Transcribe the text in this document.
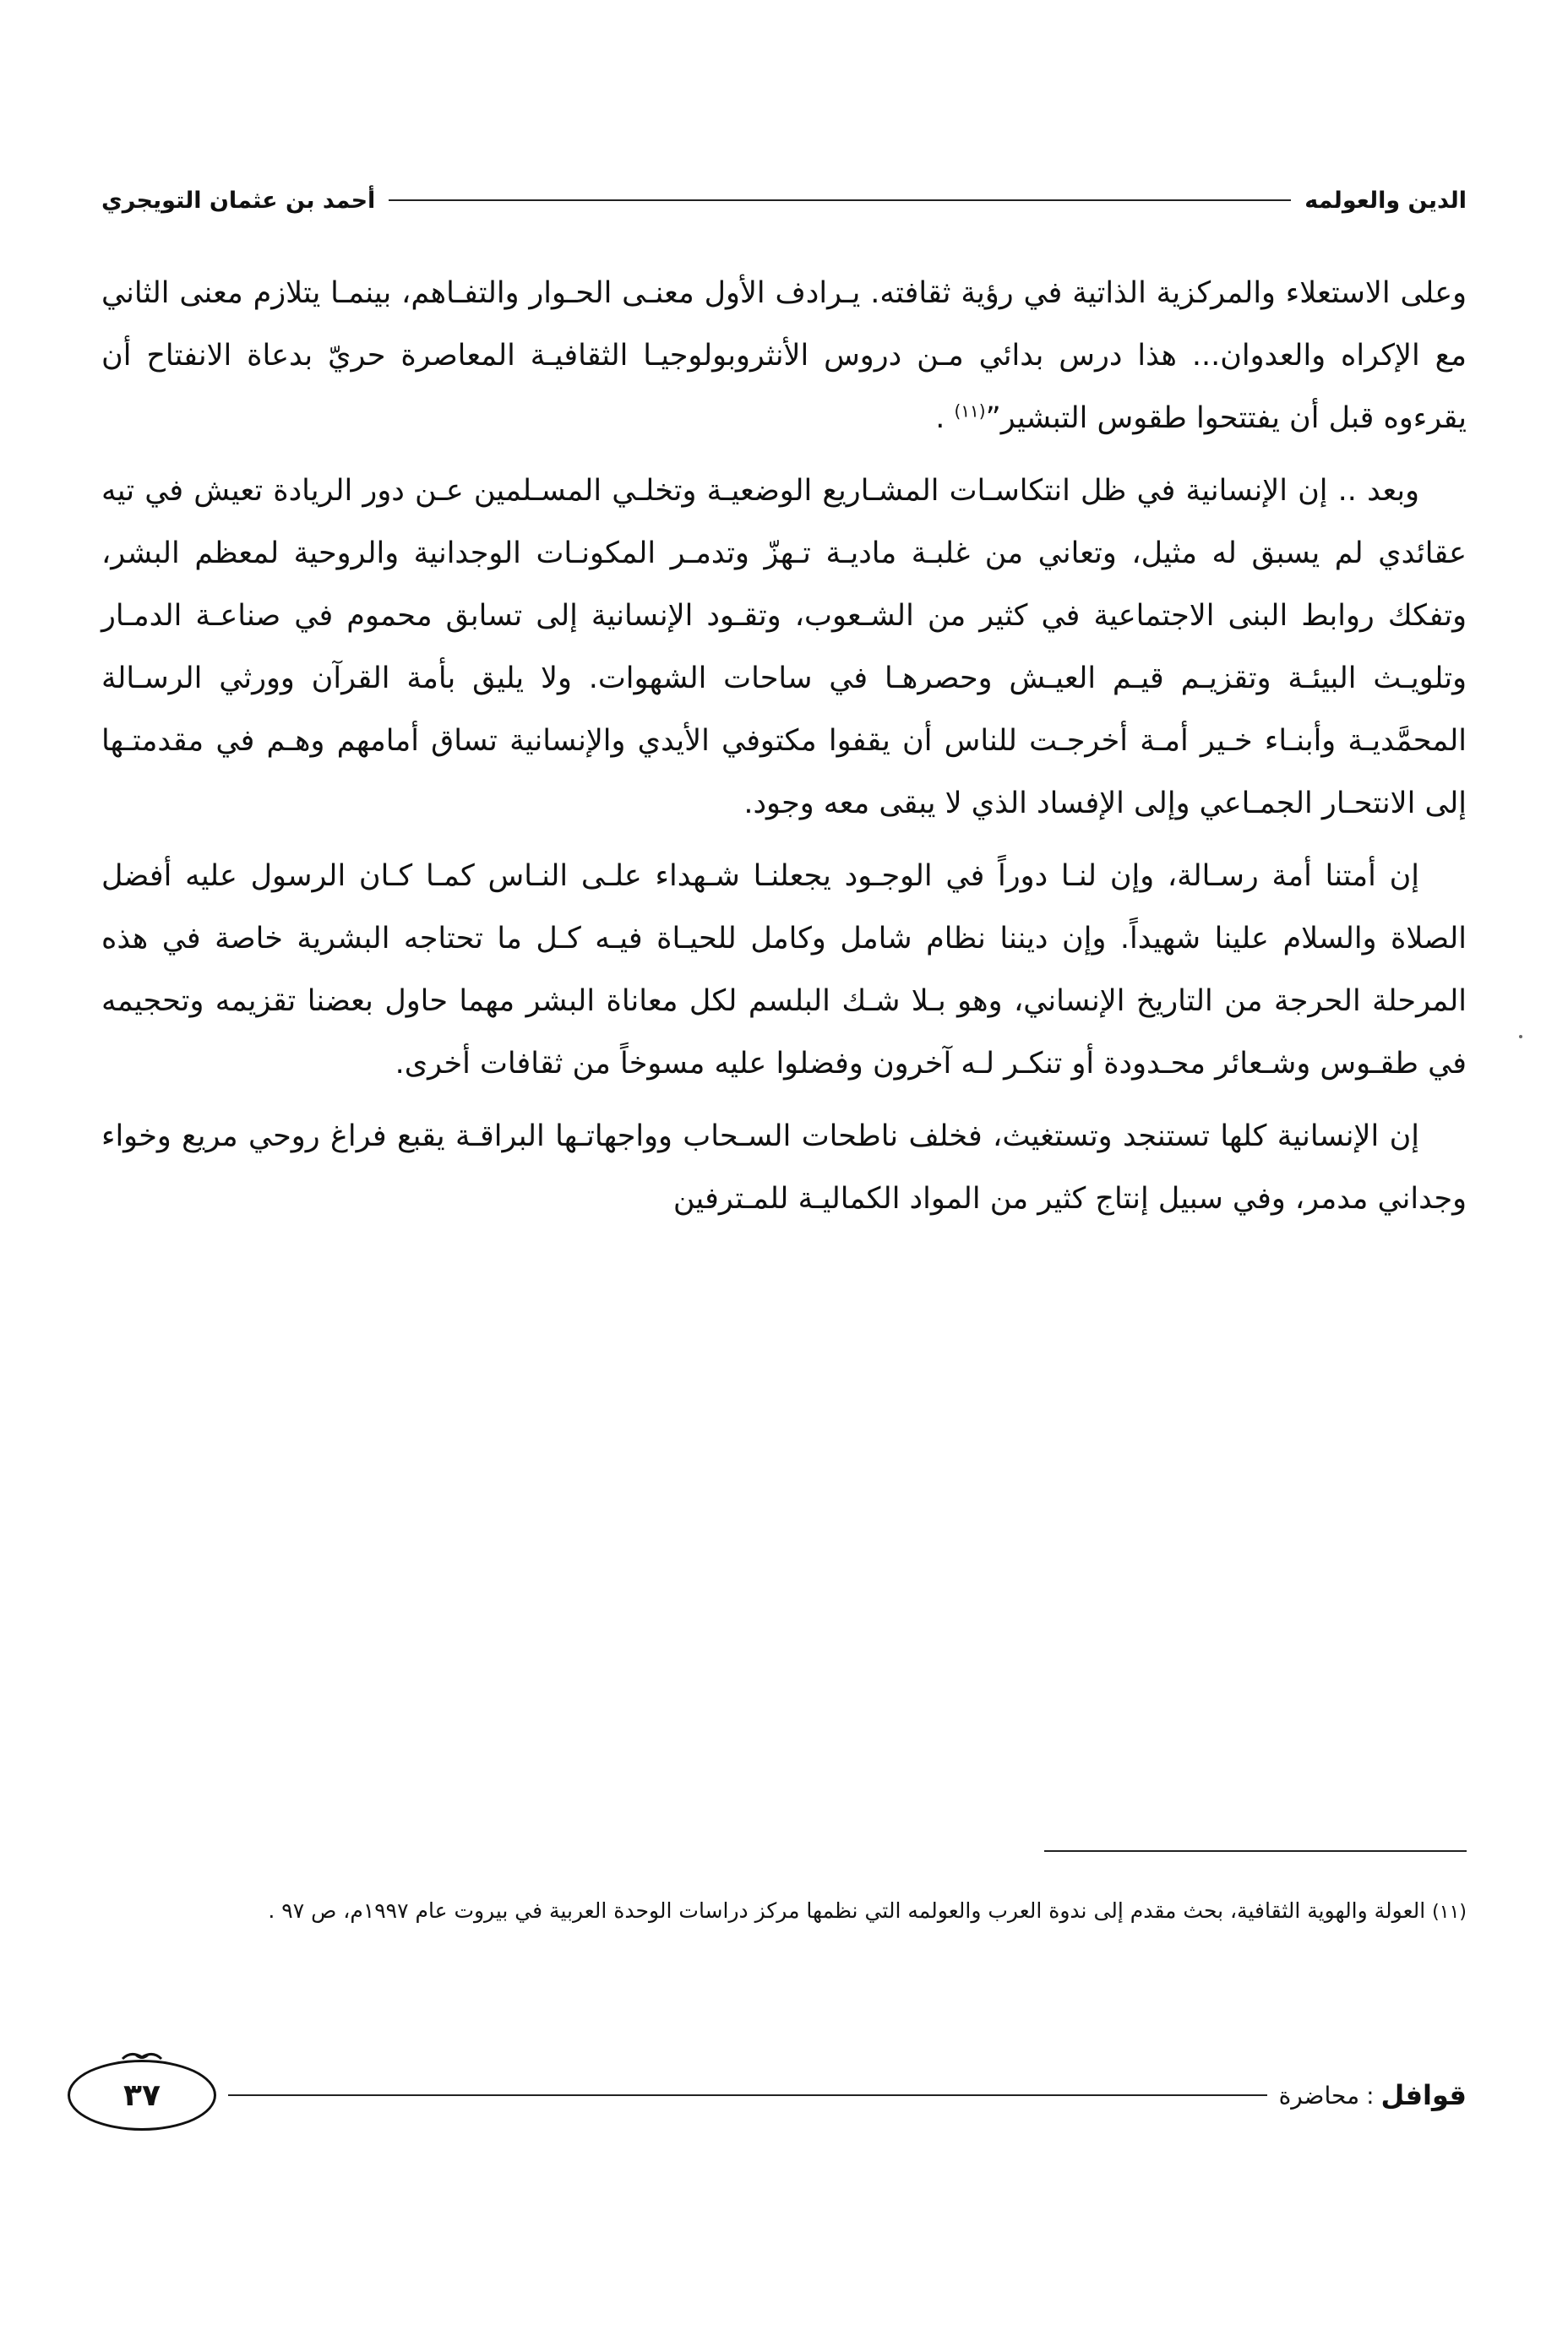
الدين والعولمه
أحمد بن عثمان التويجري

وعلى الاستعلاء والمركزية الذاتية في رؤية ثقافته. يـرادف الأول معنـى الحـوار والتفـاهم، بينمـا يتلازم معنى الثاني مع الإكراه والعدوان... هذا درس بدائي مـن دروس الأنثروبولوجيـا الثقافيـة المعاصرة حريّ بدعاة الانفتاح أن يقرءوه قبل أن يفتتحوا طقوس التبشير”$^{(١١)}$ .

وبعد .. إن الإنسانية في ظل انتكاسـات المشـاريع الوضعيـة وتخلـي المسـلمين عـن دور الريادة تعيش في تيه عقائدي لم يسبق له مثيل، وتعاني من غلبـة ماديـة تـهزّ وتدمـر المكونـات الوجدانية والروحية لمعظم البشر، وتفكك روابط البنى الاجتماعية في كثير من الشـعوب، وتقـود الإنسانية إلى تسابق محموم في صناعـة الدمـار وتلويـث البيئـة وتقزيـم قيـم العيـش وحصرهـا في ساحات الشهوات. ولا يليق بأمة القرآن وورثي الرسـالة المحمَّديـة وأبنـاء خـير أمـة أخرجـت للناس أن يقفوا مكتوفي الأيدي والإنسانية تساق أمامهم وهـم في مقدمتـها إلى الانتحـار الجمـاعي وإلى الإفساد الذي لا يبقى معه وجود.

إن أمتنا أمة رسـالة، وإن لنـا دوراً في الوجـود يجعلنـا شـهداء علـى النـاس كمـا كـان الرسول عليه أفضل الصلاة والسلام علينا شهيداً. وإن ديننا نظام شامل وكامل للحيـاة فيـه كـل ما تحتاجه البشرية خاصة في هذه المرحلة الحرجة من التاريخ الإنساني، وهو بـلا شـك البلسم لكل معاناة البشر مهما حاول بعضنا تقزيمه وتحجيمه في طقـوس وشـعائر محـدودة أو تنكـر لـه آخرون وفضلوا عليه مسوخاً من ثقافات أخرى.

إن الإنسانية كلها تستنجد وتستغيث، فخلف ناطحات السـحاب وواجهاتـها البراقـة يقبع فراغ روحي مريع وخواء وجداني مدمر، وفي سبيل إنتاج كثير من المواد الكماليـة للمـترفين

(١١) العولة والهوية الثقافية، بحث مقدم إلى ندوة العرب والعولمه التي نظمها مركز دراسات الوحدة العربية في بيروت عام ١٩٩٧م، ص ٩٧ .
قوافل
:
محاضرة
٣٧
